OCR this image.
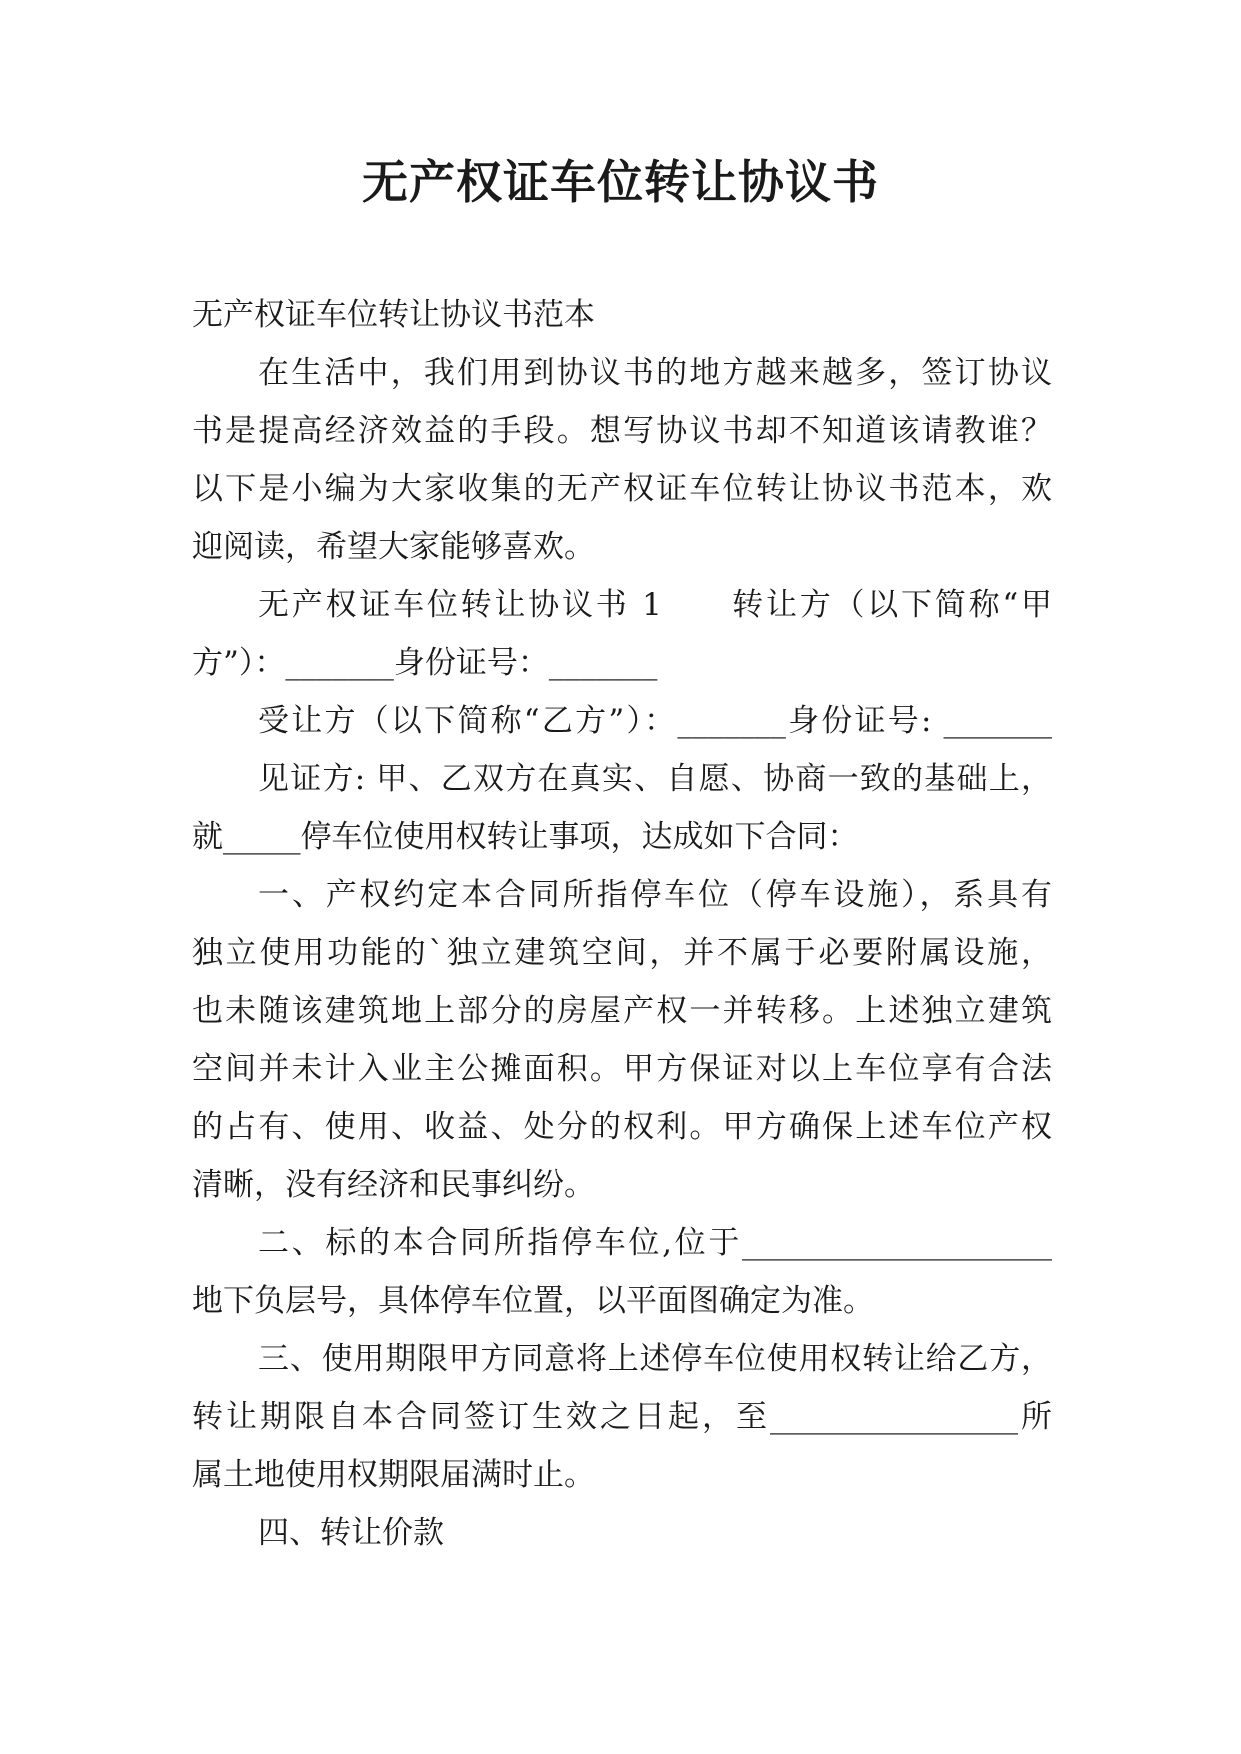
无产权证车位转让协议书

无产权证车位转让协议书范本

在生活中，我们用到协议书的地方越来越多，签订协议

书是提高经济效益的手段。想写协议书却不知道该请教谁？

以下是小编为大家收集的无产权证车位转让协议书范本，欢

迎阅读，希望大家能够喜欢。

无产权证车位转让协议书 1　　转让方（以下简称“甲

方”）：_______身份证号：_______

受让方（以下简称“乙方”）：_______身份证号: _______

见证方: 甲、乙双方在真实、自愿、协商一致的基础上，

就_____停车位使用权转让事项，达成如下合同：

一、产权约定本合同所指停车位（停车设施），系具有

独立使用功能的`独立建筑空间，并不属于必要附属设施，

也未随该建筑地上部分的房屋产权一并转移。上述独立建筑

空间并未计入业主公摊面积。甲方保证对以上车位享有合法

的占有、使用、收益、处分的权利。甲方确保上述车位产权

清晰，没有经济和民事纠纷。

二、标的本合同所指停车位,位于____________________

地下负层号，具体停车位置，以平面图确定为准。

三、使用期限甲方同意将上述停车位使用权转让给乙方，

转让期限自本合同签订生效之日起，至________________所

属土地使用权期限届满时止。

四、转让价款
